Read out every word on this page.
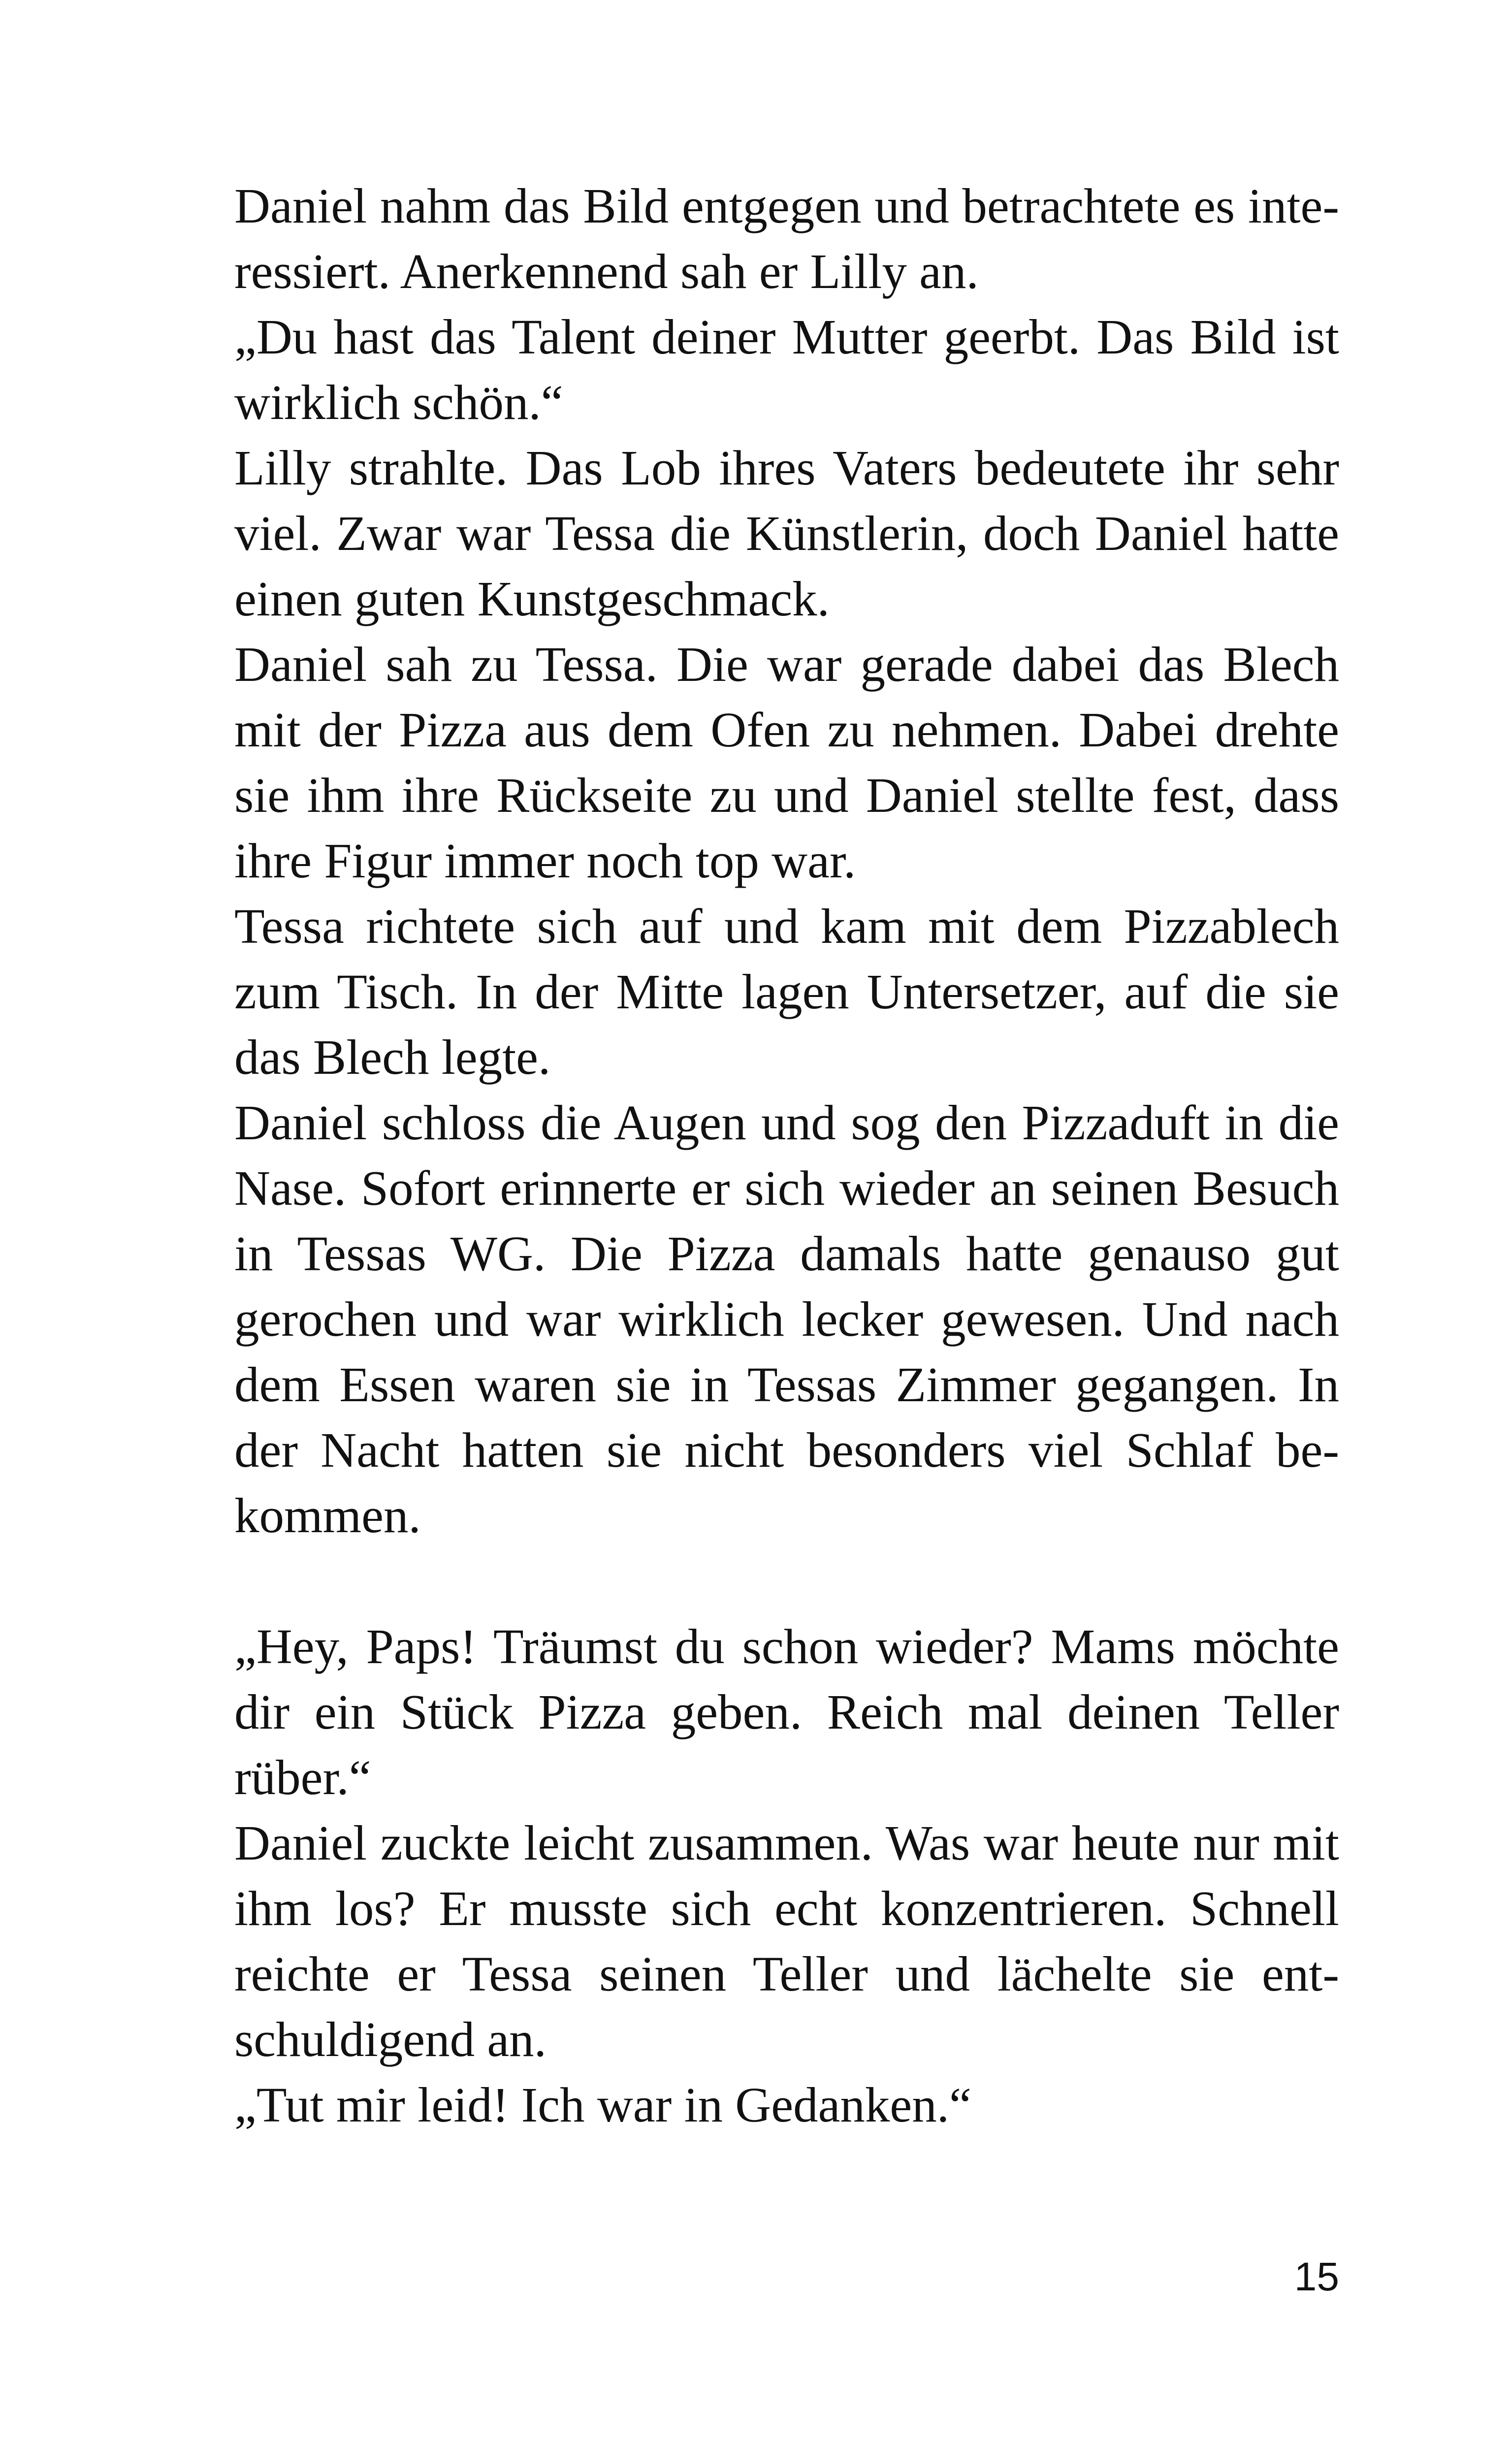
Daniel nahm das Bild entgegen und betrachtete es inte-
ressiert. Anerkennend sah er Lilly an.
„Du hast das Talent deiner Mutter geerbt. Das Bild ist
wirklich schön.“
Lilly strahlte. Das Lob ihres Vaters bedeutete ihr sehr
viel. Zwar war Tessa die Künstlerin, doch Daniel hatte
einen guten Kunstgeschmack.
Daniel sah zu Tessa. Die war gerade dabei das Blech
mit der Pizza aus dem Ofen zu nehmen. Dabei drehte
sie ihm ihre Rückseite zu und Daniel stellte fest, dass
ihre Figur immer noch top war.
Tessa richtete sich auf und kam mit dem Pizzablech
zum Tisch. In der Mitte lagen Untersetzer, auf die sie
das Blech legte.
Daniel schloss die Augen und sog den Pizzaduft in die
Nase. Sofort erinnerte er sich wieder an seinen Besuch
in Tessas WG. Die Pizza damals hatte genauso gut
gerochen und war wirklich lecker gewesen. Und nach
dem Essen waren sie in Tessas Zimmer gegangen. In
der Nacht hatten sie nicht besonders viel Schlaf be-
kommen.
„Hey, Paps! Träumst du schon wieder? Mams möchte
dir ein Stück Pizza geben. Reich mal deinen Teller
rüber.“
Daniel zuckte leicht zusammen. Was war heute nur mit
ihm los? Er musste sich echt konzentrieren. Schnell
reichte er Tessa seinen Teller und lächelte sie ent-
schuldigend an.
„Tut mir leid! Ich war in Gedanken.“
15
